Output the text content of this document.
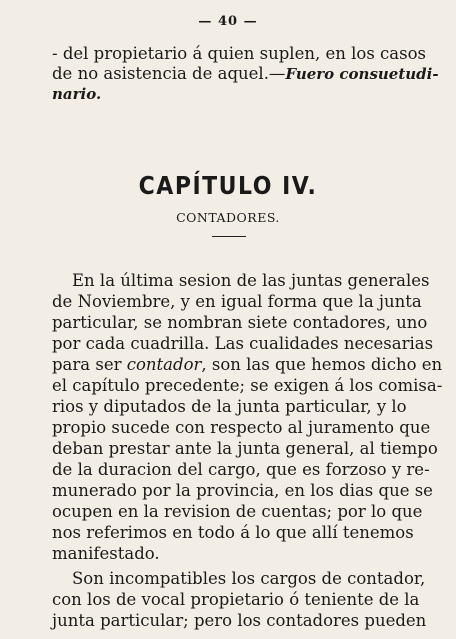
— 40 —
- del propietario á quien suplen, en los casos
de no asistencia de aquel.—Fuero consuetudi-
nario.
CAPÍTULO IV.
CONTADORES.
En la última sesion de las juntas generales
de Noviembre, y en igual forma que la junta
particular, se nombran siete contadores, uno
por cada cuadrilla. Las cualidades necesarias
para ser contador, son las que hemos dicho en
el capítulo precedente; se exigen á los comisa-
rios y diputados de la junta particular, y lo
propio sucede con respecto al juramento que
deban prestar ante la junta general, al tiempo
de la duracion del cargo, que es forzoso y re-
munerado por la provincia, en los dias que se
ocupen en la revision de cuentas; por lo que
nos referimos en todo á lo que allí tenemos
manifestado.
Son incompatibles los cargos de contador,
con los de vocal propietario ó teniente de la
junta particular; pero los contadores pueden
